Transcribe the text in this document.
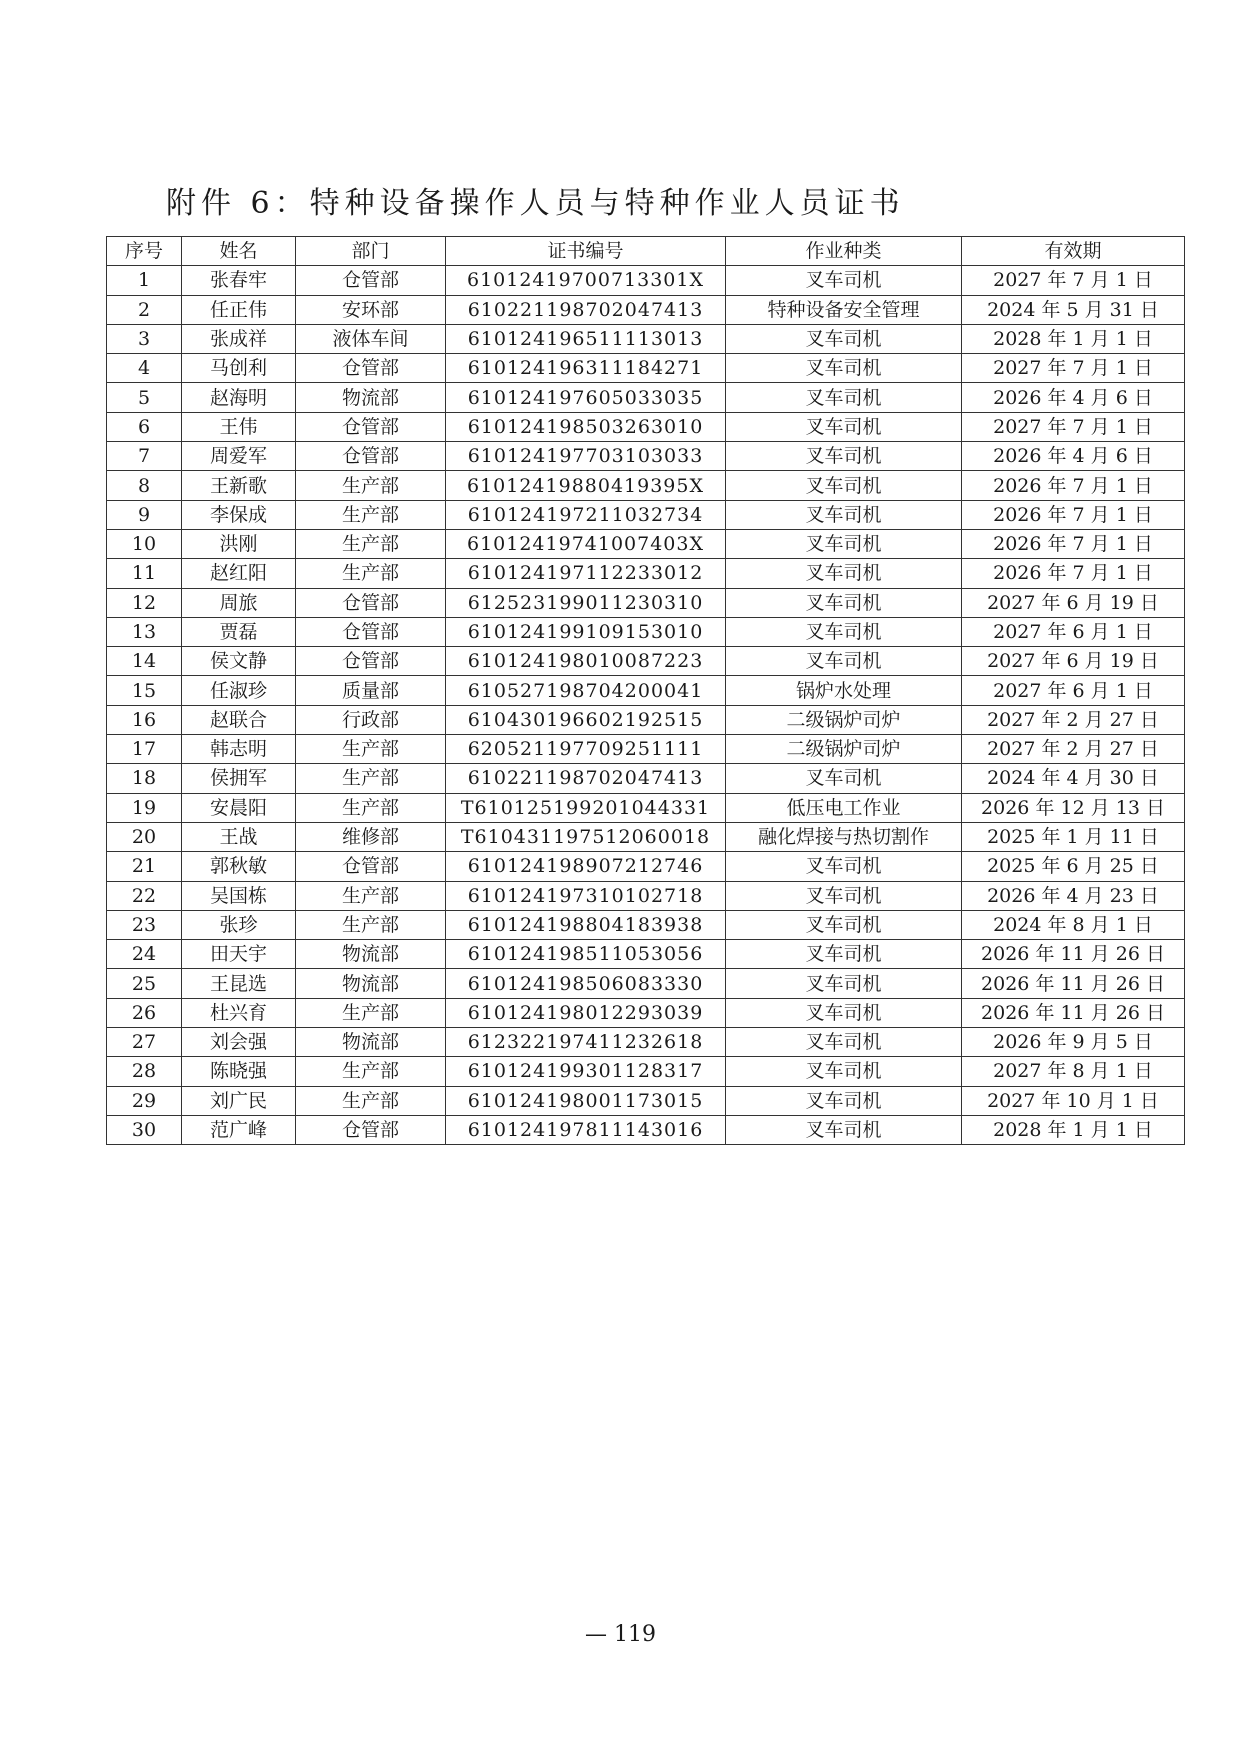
附件 6：特种设备操作人员与特种作业人员证书
序号	姓名	部门	证书编号	作业种类	有效期
1	张春牢	仓管部	61012419700713301X	叉车司机	2027 年 7 月 1 日
2	任正伟	安环部	610221198702047413	特种设备安全管理	2024 年 5 月 31 日
3	张成祥	液体车间	610124196511113013	叉车司机	2028 年 1 月 1 日
4	马创利	仓管部	610124196311184271	叉车司机	2027 年 7 月 1 日
5	赵海明	物流部	610124197605033035	叉车司机	2026 年 4 月 6 日
6	王伟	仓管部	610124198503263010	叉车司机	2027 年 7 月 1 日
7	周爱军	仓管部	610124197703103033	叉车司机	2026 年 4 月 6 日
8	王新歌	生产部	61012419880419395X	叉车司机	2026 年 7 月 1 日
9	李保成	生产部	610124197211032734	叉车司机	2026 年 7 月 1 日
10	洪刚	生产部	61012419741007403X	叉车司机	2026 年 7 月 1 日
11	赵红阳	生产部	610124197112233012	叉车司机	2026 年 7 月 1 日
12	周旅	仓管部	612523199011230310	叉车司机	2027 年 6 月 19 日
13	贾磊	仓管部	610124199109153010	叉车司机	2027 年 6 月 1 日
14	侯文静	仓管部	610124198010087223	叉车司机	2027 年 6 月 19 日
15	任淑珍	质量部	610527198704200041	锅炉水处理	2027 年 6 月 1 日
16	赵联合	行政部	610430196602192515	二级锅炉司炉	2027 年 2 月 27 日
17	韩志明	生产部	620521197709251111	二级锅炉司炉	2027 年 2 月 27 日
18	侯拥军	生产部	610221198702047413	叉车司机	2024 年 4 月 30 日
19	安晨阳	生产部	T610125199201044331	低压电工作业	2026 年 12 月 13 日
20	王战	维修部	T610431197512060018	融化焊接与热切割作	2025 年 1 月 11 日
21	郭秋敏	仓管部	610124198907212746	叉车司机	2025 年 6 月 25 日
22	吴国栋	生产部	610124197310102718	叉车司机	2026 年 4 月 23 日
23	张珍	生产部	610124198804183938	叉车司机	2024 年 8 月 1 日
24	田天宇	物流部	610124198511053056	叉车司机	2026 年 11 月 26 日
25	王昆选	物流部	610124198506083330	叉车司机	2026 年 11 月 26 日
26	杜兴育	生产部	610124198012293039	叉车司机	2026 年 11 月 26 日
27	刘会强	物流部	612322197411232618	叉车司机	2026 年 9 月 5 日
28	陈晓强	生产部	610124199301128317	叉车司机	2027 年 8 月 1 日
29	刘广民	生产部	610124198001173015	叉车司机	2027 年 10 月 1 日
30	范广峰	仓管部	610124197811143016	叉车司机	2028 年 1 月 1 日
— 119
